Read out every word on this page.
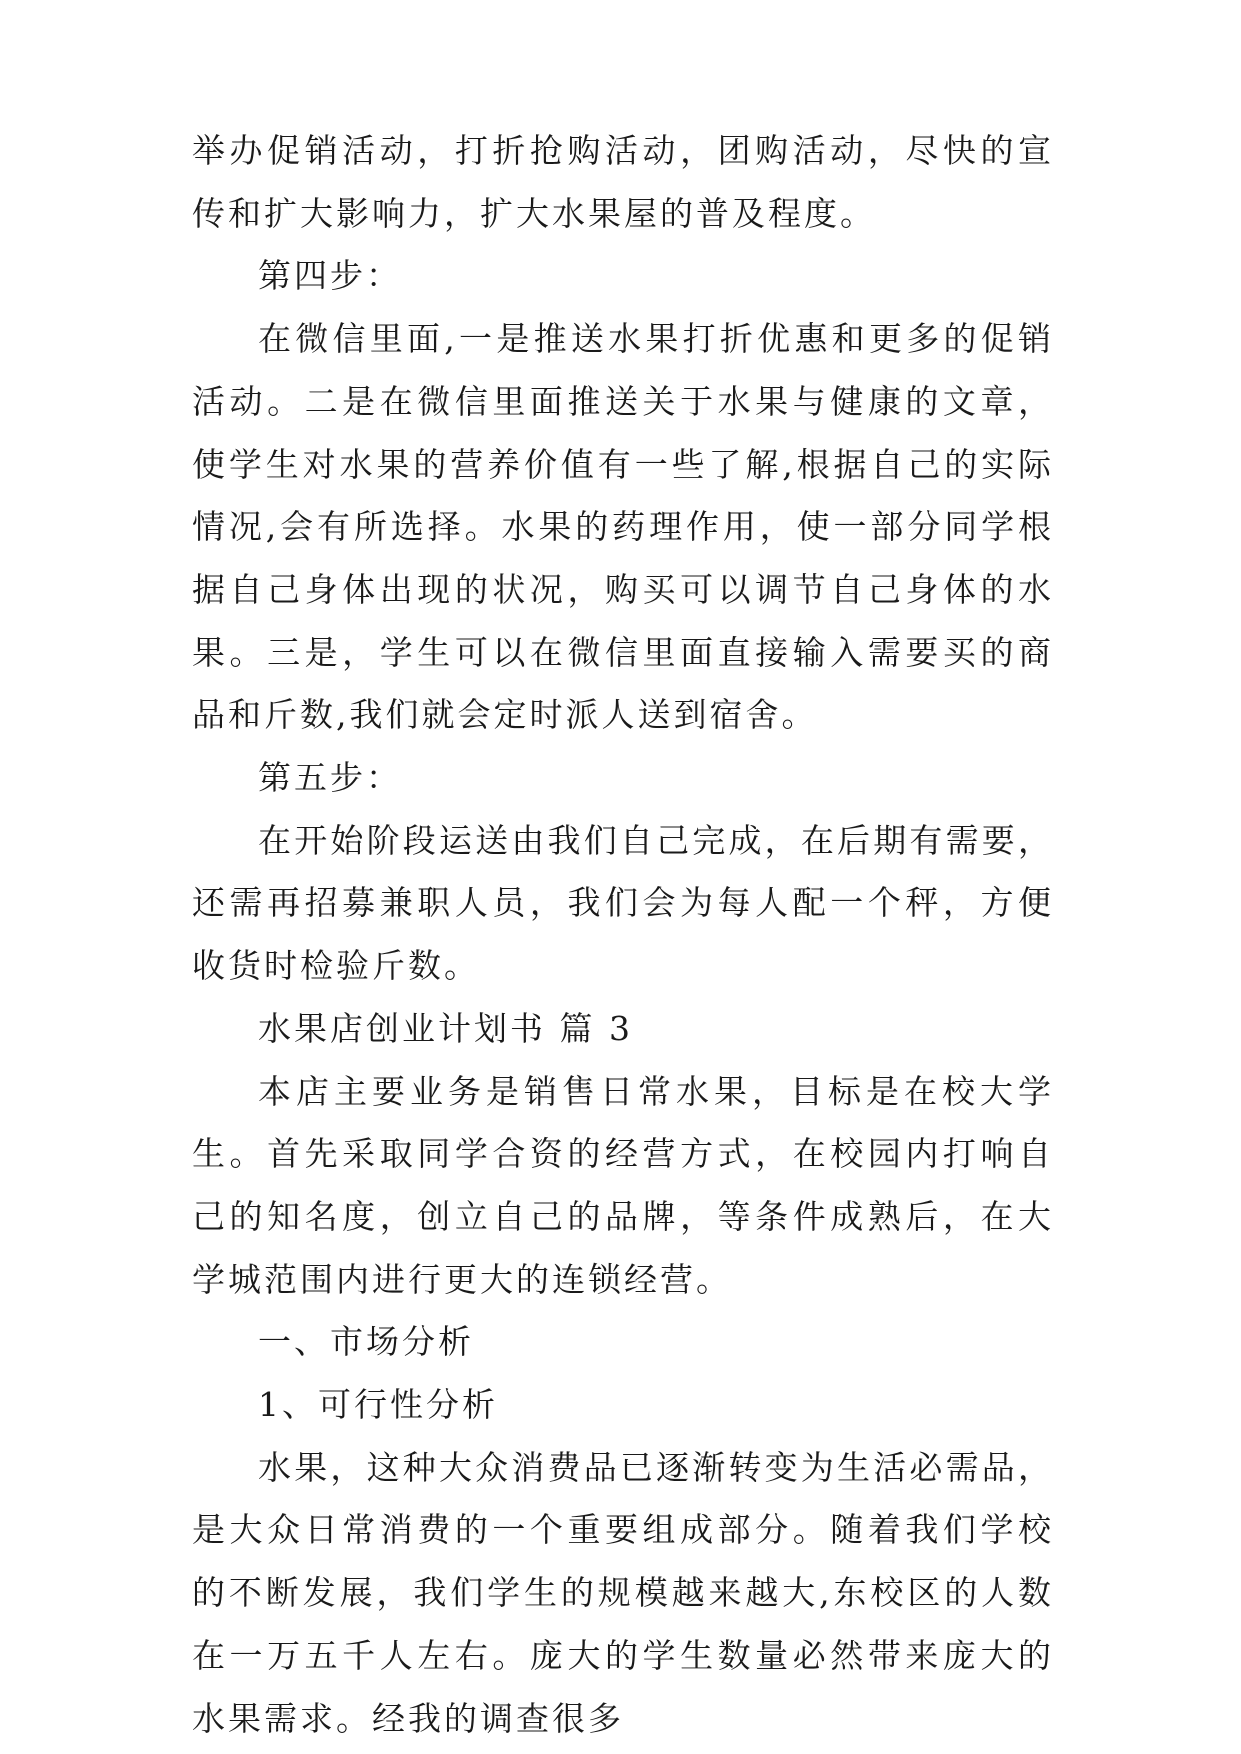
举办促销活动，打折抢购活动，团购活动，尽快的宣传和扩大影响力，扩大水果屋的普及程度。

第四步：

在微信里面,一是推送水果打折优惠和更多的促销活动。二是在微信里面推送关于水果与健康的文章，使学生对水果的营养价值有一些了解,根据自己的实际情况,会有所选择。水果的药理作用，使一部分同学根据自己身体出现的状况，购买可以调节自己身体的水果。三是，学生可以在微信里面直接输入需要买的商品和斤数,我们就会定时派人送到宿舍。

第五步：

在开始阶段运送由我们自己完成，在后期有需要，还需再招募兼职人员，我们会为每人配一个秤，方便收货时检验斤数。

水果店创业计划书 篇 3

本店主要业务是销售日常水果，目标是在校大学生。首先采取同学合资的经营方式，在校园内打响自己的知名度，创立自己的品牌，等条件成熟后，在大学城范围内进行更大的连锁经营。

一、市场分析

1、可行性分析

水果，这种大众消费品已逐渐转变为生活必需品，是大众日常消费的一个重要组成部分。随着我们学校的不断发展，我们学生的规模越来越大,东校区的人数在一万五千人左右。庞大的学生数量必然带来庞大的水果需求。经我的调查很多
